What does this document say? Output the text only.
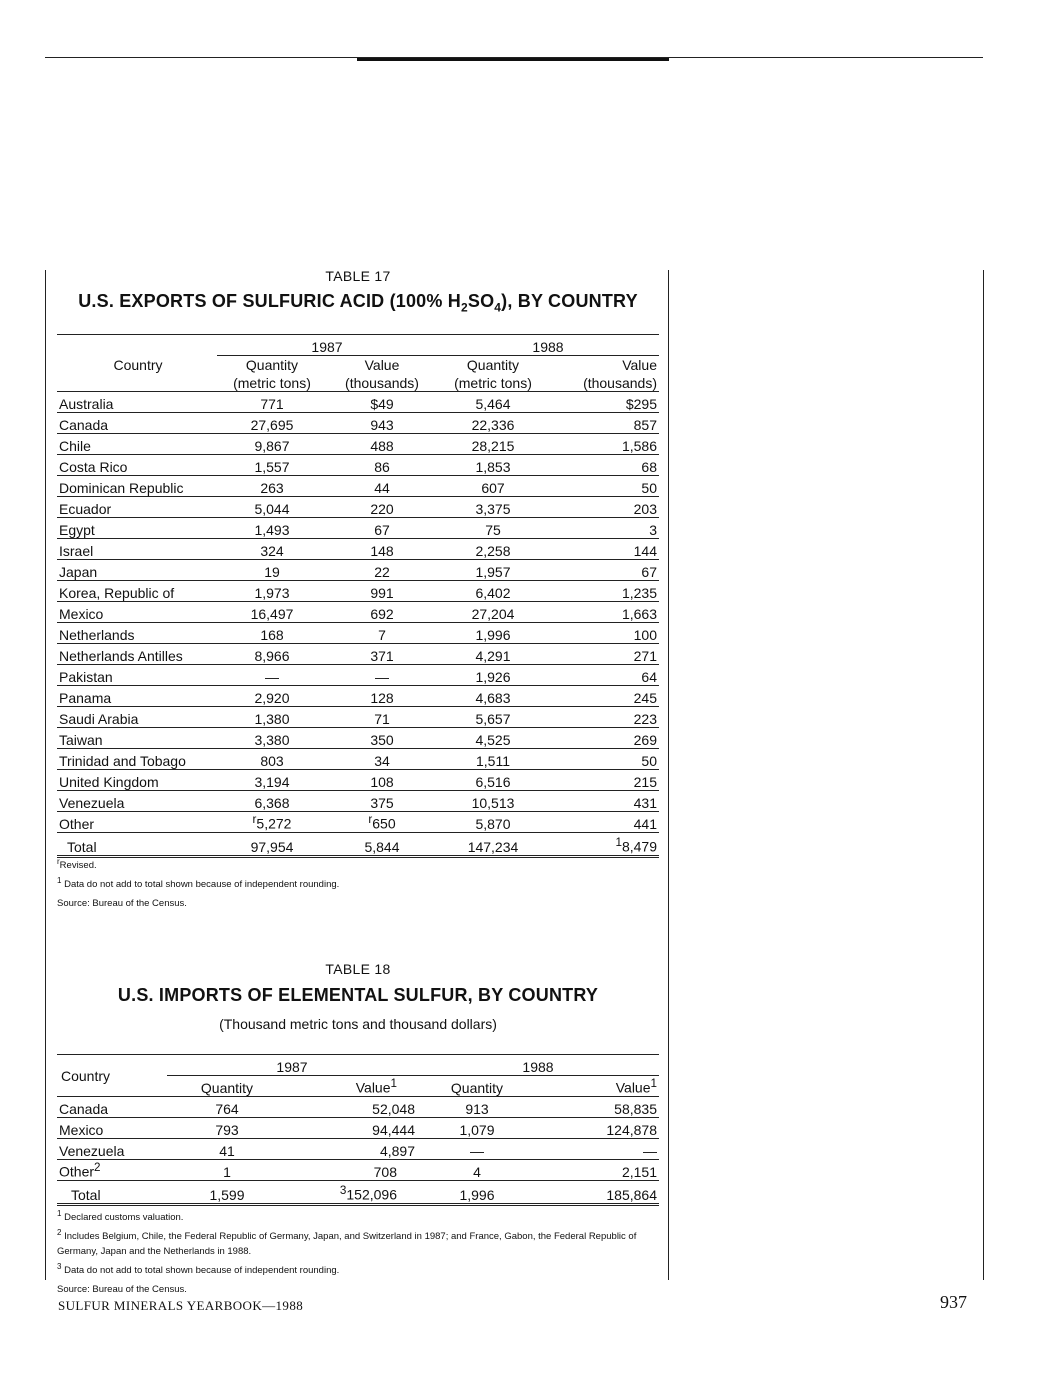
TABLE 17
U.S. EXPORTS OF SULFURIC ACID (100% $H_2SO_4$), BY COUNTRY
Country	1987		1988	
	Quantity	Value	Quantity	Value
	(metric tons)	(thousands)	(metric tons)	(thousands)
Australia	771	$49	5,464	$295
Canada	27,695	943	22,336	857
Chile	9,867	488	28,215	1,586
Costa Rico	1,557	86	1,853	68
Dominican Republic	263	44	607	50
Ecuador	5,044	220	3,375	203
Egypt	1,493	67	75	3
Israel	324	148	2,258	144
Japan	19	22	1,957	67
Korea, Republic of	1,973	991	6,402	1,235
Mexico	16,497	692	27,204	1,663
Netherlands	168	7	1,996	100
Netherlands Antilles	8,966	371	4,291	271
Pakistan	—	—	1,926	64
Panama	2,920	128	4,683	245
Saudi Arabia	1,380	71	5,657	223
Taiwan	3,380	350	4,525	269
Trinidad and Tobago	803	34	1,511	50
United Kingdom	3,194	108	6,516	215
Venezuela	6,368	375	10,513	431
Other	$^r$5,272	$^r$650	5,870	441
Total	97,954	5,844	147,234	$^1$8,479
$^r$Revised.
$^1$ Data do not add to total shown because of independent rounding.
Source: Bureau of the Census.
TABLE 18
U.S. IMPORTS OF ELEMENTAL SULFUR, BY COUNTRY
(Thousand metric tons and thousand dollars)
Country	1987		1988	
	Quantity	Value$^1$	Quantity	Value$^1$
Canada	764	52,048	913	58,835
Mexico	793	94,444	1,079	124,878
Venezuela	41	4,897	—	—
Other$^2$	1	708	4	2,151
Total	1,599	$^3$152,096	1,996	185,864
$^1$ Declared customs valuation.
$^2$ Includes Belgium, Chile, the Federal Republic of Germany, Japan, and Switzerland in 1987; and France, Gabon, the Federal Republic of Germany, Japan and the Netherlands in 1988.
$^3$ Data do not add to total shown because of independent rounding.
Source: Bureau of the Census.
SULFUR MINERALS YEARBOOK—1988	937
